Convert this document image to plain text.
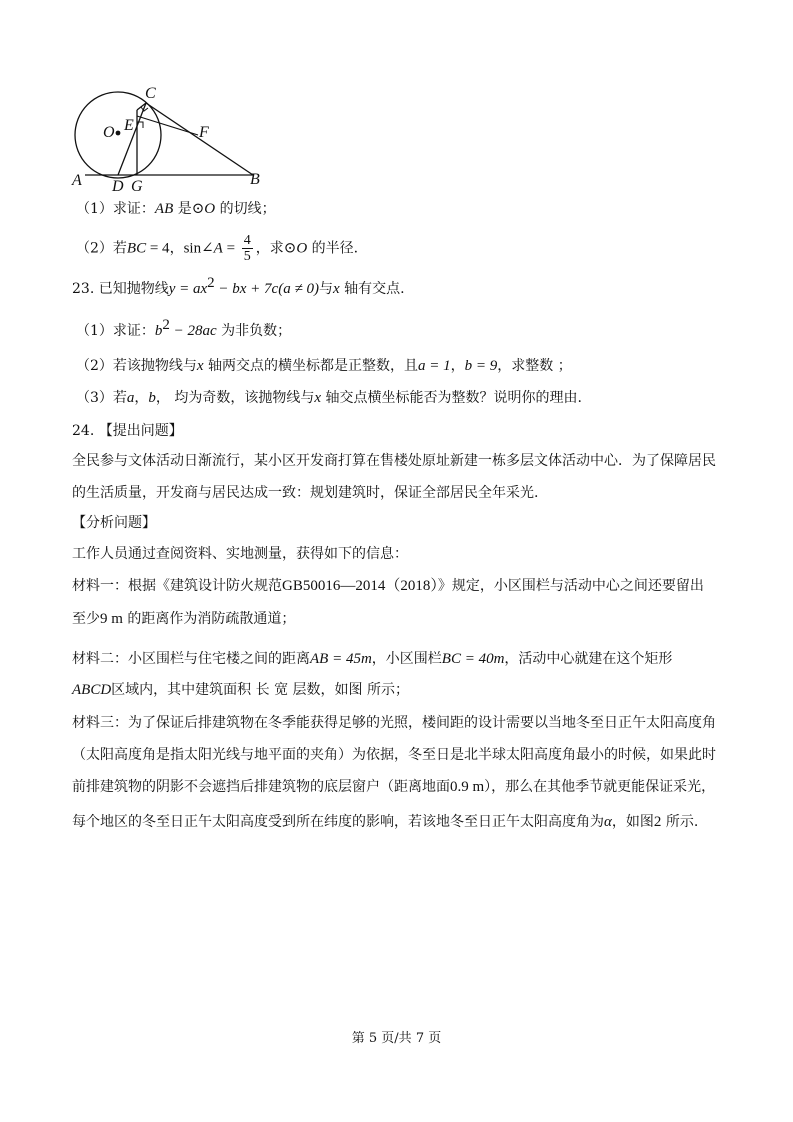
C
O E	F
A D G	B
（1）求证：AB 是⊙O 的切线；
（2）若BC = 4，sin∠A = $\frac{4}{5}$ ，求⊙O 的半径.
23. 已知抛物线$y = ax^2$ − bx + 7c(a ≠ 0)与x 轴有交点.
（1）求证：$b^2 - 28ac$ 为非负数；
（2）若该抛物线与x 轴两交点的横坐标都是正整数，且a = 1，b = 9，求整数 ；
（3）若a，b， 均为奇数，该抛物线与x 轴交点横坐标能否为整数？说明你的理由.
24. 【提出问题】
全民参与文体活动日渐流行，某小区开发商打算在售楼处原址新建一栋多层文体活动中心．为了保障居民
的生活质量，开发商与居民达成一致：规划建筑时，保证全部居民全年采光.
【分析问题】
工作人员通过查阅资料、实地测量，获得如下的信息：
材料一：根据《建筑设计防火规范GB50016—2014（2018）》规定，小区围栏与活动中心之间还要留出
至少9 m 的距离作为消防疏散通道；
材料二：小区围栏与住宅楼之间的距离AB = 45m，小区围栏BC = 40m，活动中心就建在这个矩形
ABCD区域内，其中建筑面积 长 宽 层数，如图 所示；
材料三：为了保证后排建筑物在冬季能获得足够的光照，楼间距的设计需要以当地冬至日正午太阳高度角
（太阳高度角是指太阳光线与地平面的夹角）为依据，冬至日是北半球太阳高度角最小的时候，如果此时
前排建筑物的阴影不会遮挡后排建筑物的底层窗户（距离地面0.9 m），那么在其他季节就更能保证采光，
每个地区的冬至日正午太阳高度受到所在纬度的影响，若该地冬至日正午太阳高度角为α，如图2 所示.
第 5 页/共 7 页
